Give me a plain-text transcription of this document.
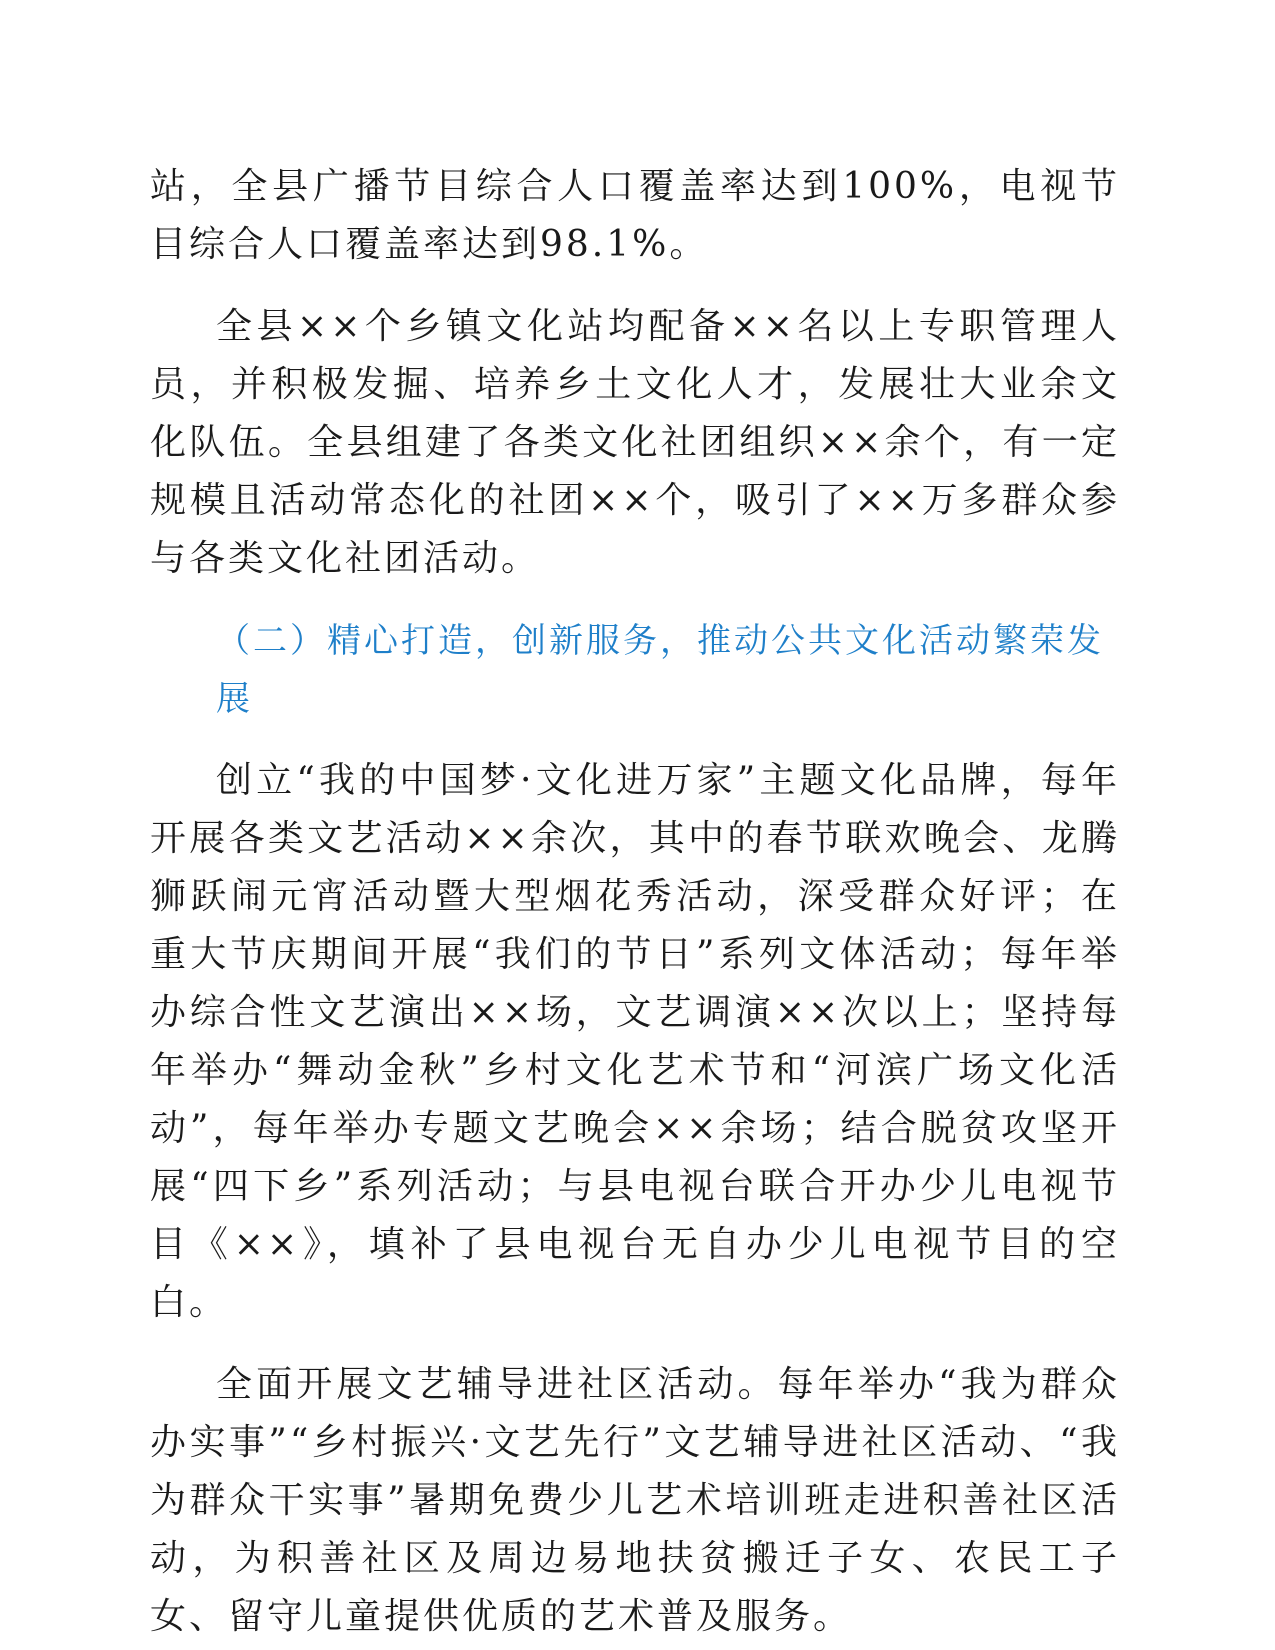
站，全县广播节目综合人口覆盖率达到100%，电视节目综合人口覆盖率达到98.1%。

全县××个乡镇文化站均配备××名以上专职管理人员，并积极发掘、培养乡土文化人才，发展壮大业余文化队伍。全县组建了各类文化社团组织××余个，有一定规模且活动常态化的社团××个，吸引了××万多群众参与各类文化社团活动。

（二）精心打造，创新服务，推动公共文化活动繁荣发展

创立“我的中国梦·文化进万家”主题文化品牌，每年开展各类文艺活动××余次，其中的春节联欢晚会、龙腾狮跃闹元宵活动暨大型烟花秀活动，深受群众好评；在重大节庆期间开展“我们的节日”系列文体活动；每年举办综合性文艺演出××场，文艺调演××次以上；坚持每年举办“舞动金秋”乡村文化艺术节和“河滨广场文化活动”，每年举办专题文艺晚会××余场；结合脱贫攻坚开展“四下乡”系列活动；与县电视台联合开办少儿电视节目《××》，填补了县电视台无自办少儿电视节目的空白。

全面开展文艺辅导进社区活动。每年举办“我为群众办实事”“乡村振兴·文艺先行”文艺辅导进社区活动、“我为群众干实事”暑期免费少儿艺术培训班走进积善社区活动，为积善社区及周边易地扶贫搬迁子女、农民工子女、留守儿童提供优质的艺术普及服务。
